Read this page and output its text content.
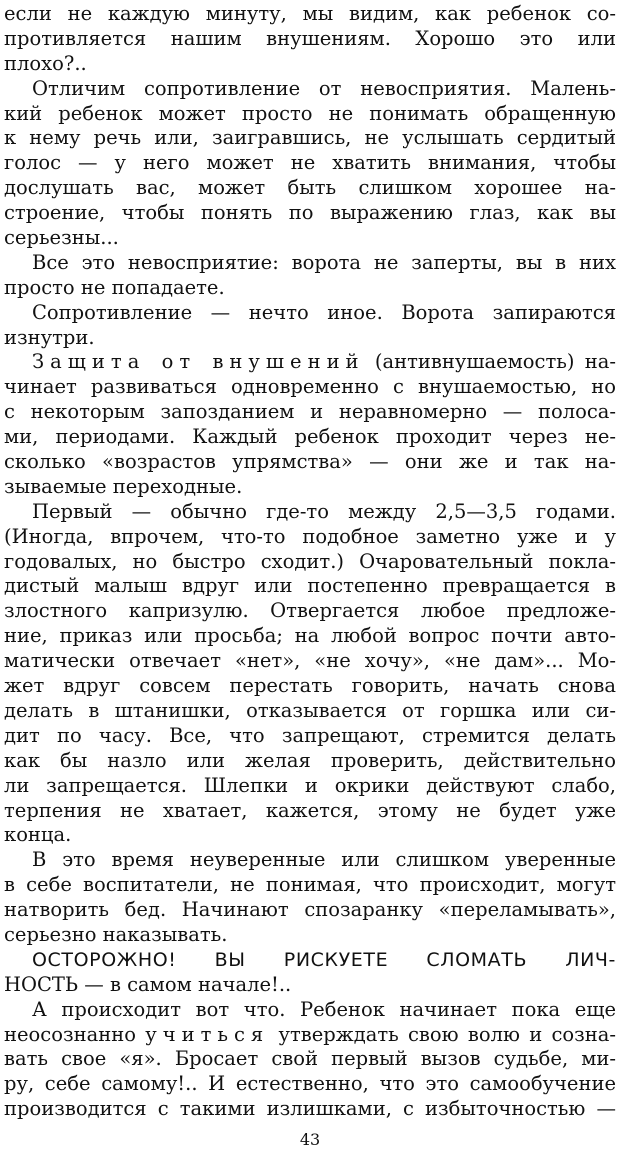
если не каждую минуту, мы видим, как ребенок со-
противляется нашим внушениям. Хорошо это или
плохо?..
Отличим сопротивление от невосприятия. Малень-
кий ребенок может просто не понимать обращенную
к нему речь или, заигравшись, не услышать сердитый
голос — у него может не хватить внимания, чтобы
дослушать вас, может быть слишком хорошее на-
строение, чтобы понять по выражению глаз, как вы
серьезны...
Все это невосприятие: ворота не заперты, вы в них
просто не попадаете.
Сопротивление — нечто иное. Ворота запираются
изнутри.
Защита от внушений (антивнушаемость) на-
чинает развиваться одновременно с внушаемостью, но
с некоторым запозданием и неравномерно — полоса-
ми, периодами. Каждый ребенок проходит через не-
сколько «возрастов упрямства» — они же и так на-
зываемые переходные.
Первый — обычно где-то между 2,5—3,5 годами.
(Иногда, впрочем, что-то подобное заметно уже и у
годовалых, но быстро сходит.) Очаровательный покла-
дистый малыш вдруг или постепенно превращается в
злостного капризулю. Отвергается любое предложе-
ние, приказ или просьба; на любой вопрос почти авто-
матически отвечает «нет», «не хочу», «не дам»... Мо-
жет вдруг совсем перестать говорить, начать снова
делать в штанишки, отказывается от горшка или си-
дит по часу. Все, что запрещают, стремится делать
как бы назло или желая проверить, действительно
ли запрещается. Шлепки и окрики действуют слабо,
терпения не хватает, кажется, этому не будет уже
конца.
В это время неуверенные или слишком уверенные
в себе воспитатели, не понимая, что происходит, могут
натворить бед. Начинают спозаранку «переламывать»,
серьезно наказывать.
ОСТОРОЖНО! ВЫ РИСКУЕТЕ СЛОМАТЬ ЛИЧ-
НОСТЬ — в самом начале!..
А происходит вот что. Ребенок начинает пока еще
неосознанно учиться утверждать свою волю и созна-
вать свое «я». Бросает свой первый вызов судьбе, ми-
ру, себе самому!.. И естественно, что это самообучение
производится с такими излишками, с избыточностью —
43
